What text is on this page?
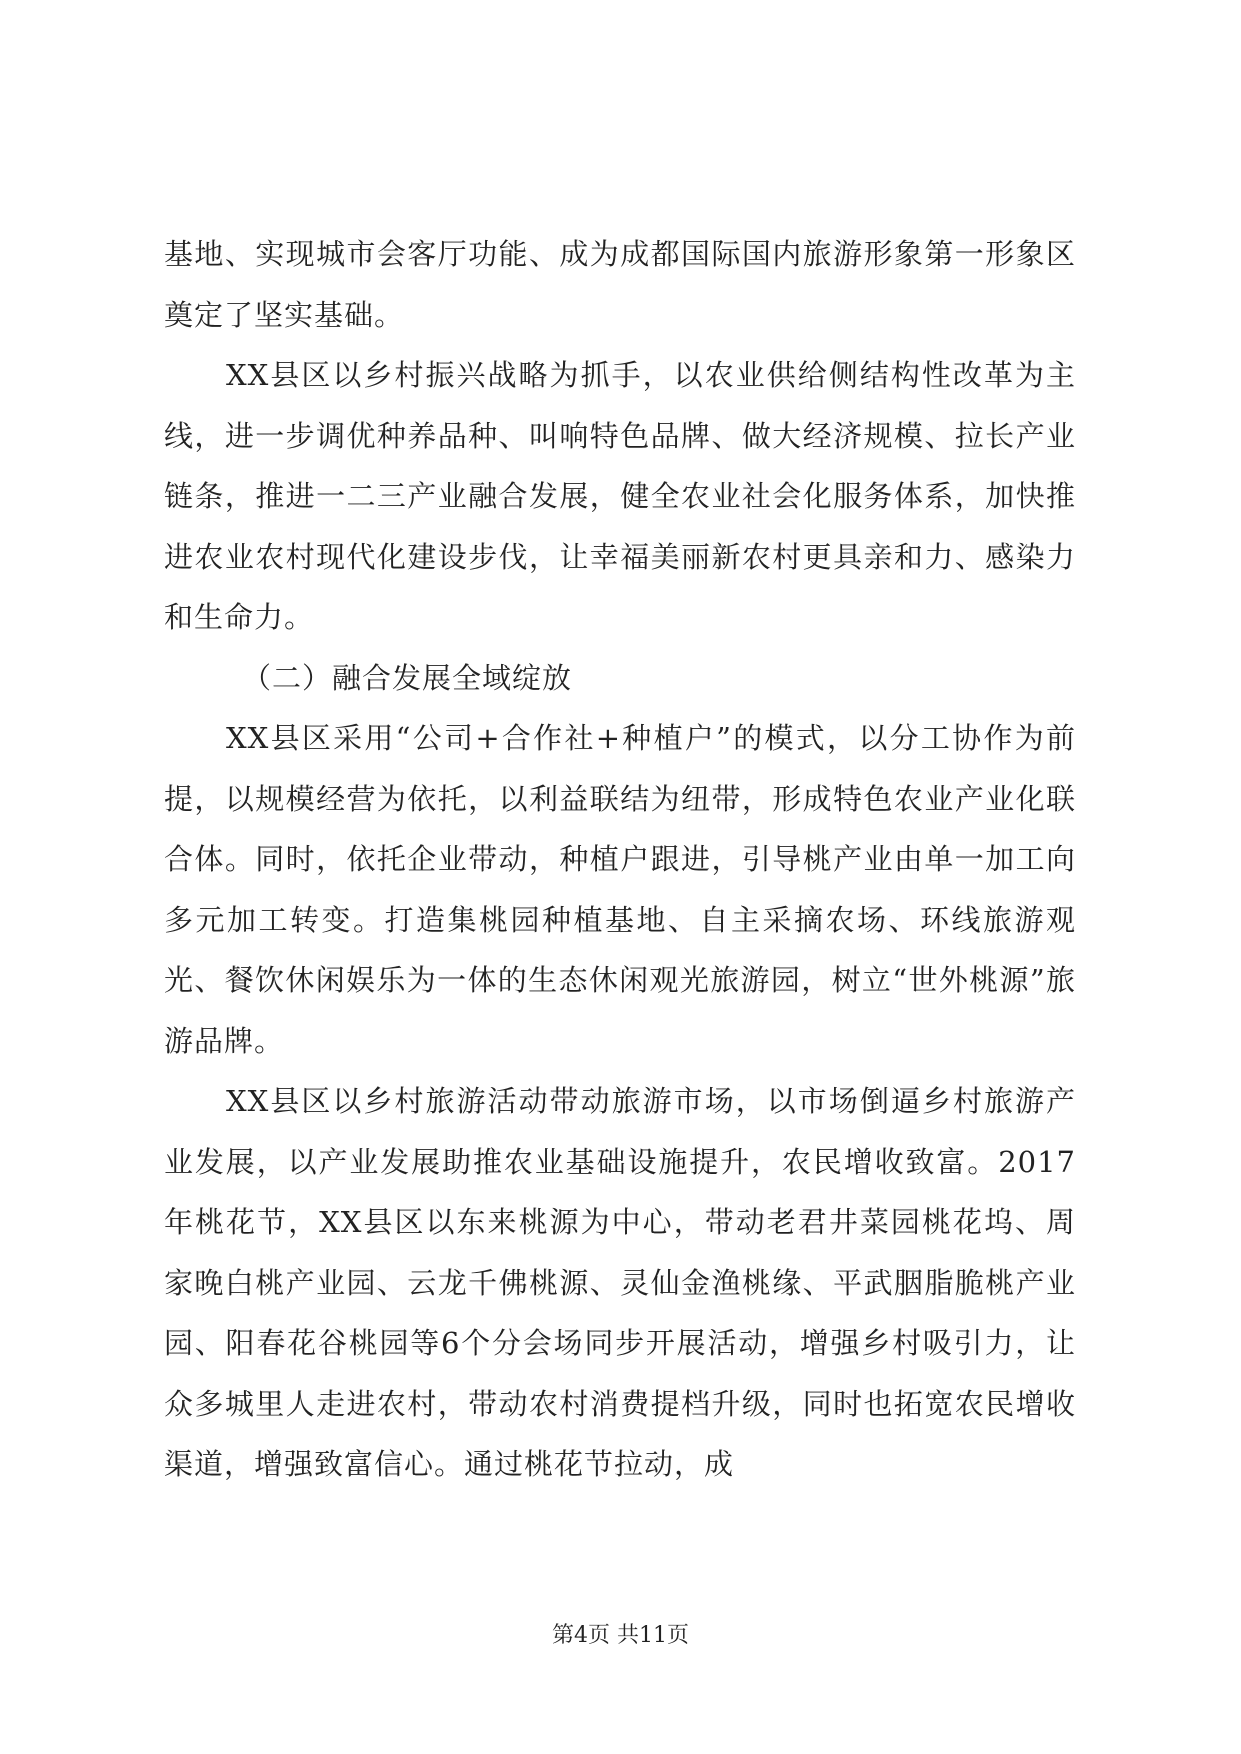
基地、实现城市会客厅功能、成为成都国际国内旅游形象第一形象区奠定了坚实基础。

XX县区以乡村振兴战略为抓手，以农业供给侧结构性改革为主线，进一步调优种养品种、叫响特色品牌、做大经济规模、拉长产业链条，推进一二三产业融合发展，健全农业社会化服务体系，加快推进农业农村现代化建设步伐，让幸福美丽新农村更具亲和力、感染力和生命力。

（二）融合发展全域绽放

XX县区采用“公司+合作社+种植户”的模式，以分工协作为前提，以规模经营为依托，以利益联结为纽带，形成特色农业产业化联合体。同时，依托企业带动，种植户跟进，引导桃产业由单一加工向多元加工转变。打造集桃园种植基地、自主采摘农场、环线旅游观光、餐饮休闲娱乐为一体的生态休闲观光旅游园，树立“世外桃源”旅游品牌。

XX县区以乡村旅游活动带动旅游市场，以市场倒逼乡村旅游产业发展，以产业发展助推农业基础设施提升，农民增收致富。2017年桃花节，XX县区以东来桃源为中心，带动老君井菜园桃花坞、周家晚白桃产业园、云龙千佛桃源、灵仙金渔桃缘、平武胭脂脆桃产业园、阳春花谷桃园等6个分会场同步开展活动，增强乡村吸引力，让众多城里人走进农村，带动农村消费提档升级，同时也拓宽农民增收渠道，增强致富信心。通过桃花节拉动，成

第4页 共11页
